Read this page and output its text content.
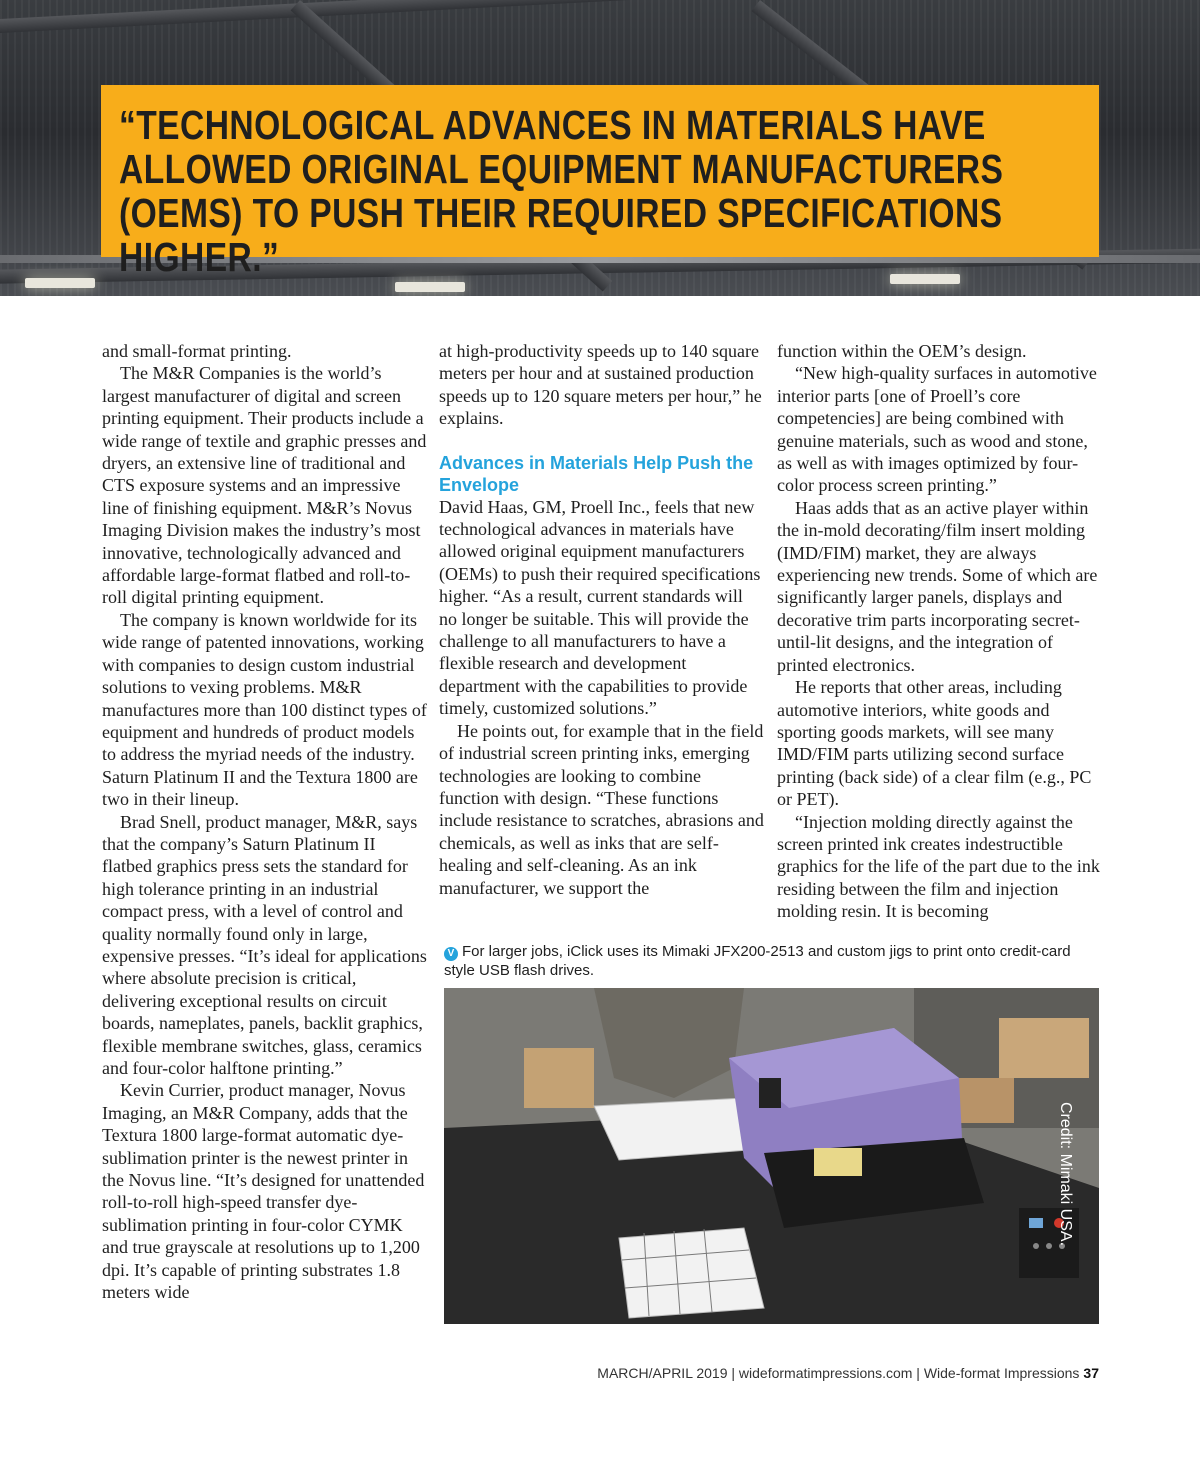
“TECHNOLOGICAL ADVANCES IN MATERIALS HAVE ALLOWED ORIGINAL EQUIPMENT MANUFACTURERS (OEMS) TO PUSH THEIR REQUIRED SPECIFICATIONS HIGHER.”

and small-format printing.

The M&R Companies is the world’s largest manufacturer of digital and screen printing equipment. Their products include a wide range of textile and graphic presses and dryers, an extensive line of traditional and CTS exposure systems and an impressive line of finishing equipment. M&R’s Novus Imaging Division makes the industry’s most innovative, technologically advanced and affordable large-format flatbed and roll-to-roll digital printing equipment.

The company is known worldwide for its wide range of patented innovations, working with companies to design custom industrial solutions to vexing problems. M&R manufactures more than 100 distinct types of equipment and hundreds of product models to address the myriad needs of the industry. Saturn Platinum II and the Textura 1800 are two in their lineup.

Brad Snell, product manager, M&R, says that the company’s Saturn Platinum II flatbed graphics press sets the standard for high tolerance printing in an industrial compact press, with a level of control and quality normally found only in large, expensive presses. “It’s ideal for applications where absolute precision is critical, delivering exceptional results on circuit boards, nameplates, panels, backlit graphics, flexible membrane switches, glass, ceramics and four-color halftone printing.”

Kevin Currier, product manager, Novus Imaging, an M&R Company, adds that the Textura 1800 large-format automatic dye-sublimation printer is the newest printer in the Novus line. “It’s designed for unattended roll-to-roll high-speed transfer dye-sublimation printing in four-color CYMK and true grayscale at resolutions up to 1,200 dpi. It’s capable of printing substrates 1.8 meters wide

at high-productivity speeds up to 140 square meters per hour and at sustained production speeds up to 120 square meters per hour,” he explains.

Advances in Materials Help Push the Envelope

David Haas, GM, Proell Inc., feels that new technological advances in materials have allowed original equipment manufacturers (OEMs) to push their required specifications higher. “As a result, current standards will no longer be suitable. This will provide the challenge to all manufacturers to have a flexible research and development department with the capabilities to provide timely, customized solutions.”

He points out, for example that in the field of industrial screen printing inks, emerging technologies are looking to combine function with design. “These functions include resistance to scratches, abrasions and chemicals, as well as inks that are self-healing and self-cleaning. As an ink manufacturer, we support the

function within the OEM’s design.

“New high-quality surfaces in automotive interior parts [one of Proell’s core competencies] are being combined with genuine materials, such as wood and stone, as well as with images optimized by four-color process screen printing.”

Haas adds that as an active player within the in-mold decorating/film insert molding (IMD/FIM) market, they are always experiencing new trends. Some of which are significantly larger panels, displays and decorative trim parts incorporating secret-until-lit designs, and the integration of printed electronics.

He reports that other areas, including automotive interiors, white goods and sporting goods markets, will see many IMD/FIM parts utilizing second surface printing (back side) of a clear film (e.g., PC or PET).

“Injection molding directly against the screen printed ink creates indestructible graphics for the life of the part due to the ink residing between the film and injection molding resin. It is becoming

V For larger jobs, iClick uses its Mimaki JFX200-2513 and custom jigs to print onto credit-card style USB flash drives.
Credit: Mimaki USA.
MARCH/APRIL 2019 | wideformatimpressions.com | Wide-format Impressions 37
